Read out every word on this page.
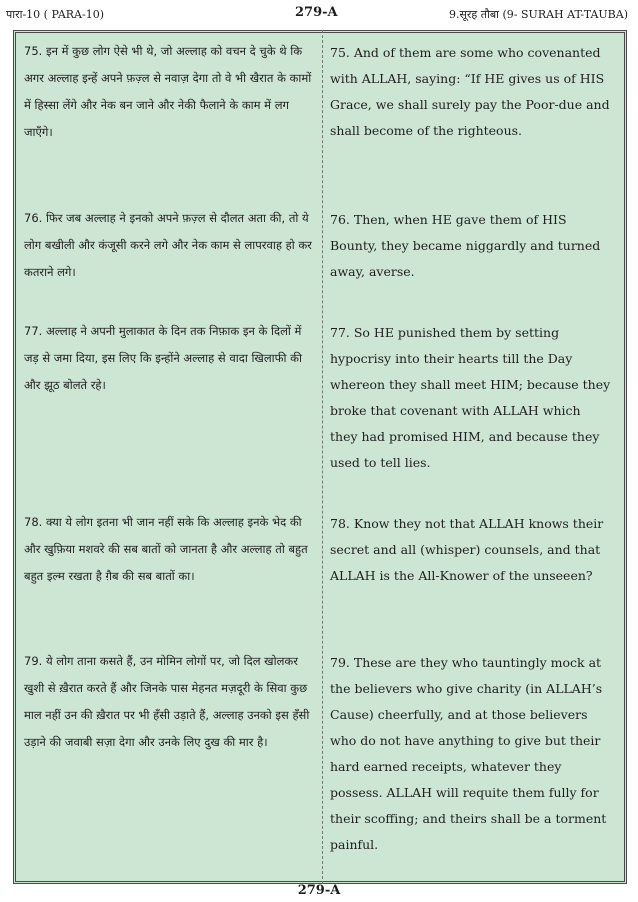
पारा-10 ( PARA-10)	279-A	9.सूरह तौबा (9- SURAH AT-TAUBA)
75. इन में कुछ लोग ऐसे भी थे, जो अल्लाह को वचन दे चुके थे कि अगर अल्लाह इन्हें अपने फ़ज़्ल से नवाज़ देगा तो वे भी खैरात के कामों में हिस्सा लेंगे और नेक बन जाने और नेकी फैलाने के काम में लग जाएँगे।
75. And of them are some who covenanted with ALLAH, saying: “If HE gives us of HIS Grace, we shall surely pay the Poor-due and shall become of the righteous.
76. फिर जब अल्लाह ने इनको अपने फ़ज़्ल से दौलत अता की, तो ये लोग बखीली और कंजूसी करने लगे और नेक काम से लापरवाह हो कर कतराने लगे।
76. Then, when HE gave them of HIS Bounty, they became niggardly and turned away, averse.
77. अल्लाह ने अपनी मुलाकात के दिन तक निफ़ाक इन के दिलों में जड़ से जमा दिया, इस लिए कि इन्होंने अल्लाह से वादा खिलाफी की और झूठ बोलते रहे।
77. So HE punished them by setting hypocrisy into their hearts till the Day whereon they shall meet HIM; because they broke that covenant with ALLAH which they had promised HIM, and because they used to tell lies.
78. क्या ये लोग इतना भी जान नहीं सके कि अल्लाह इनके भेद की और खुफ़िया मशवरे की सब बातों को जानता है और अल्लाह तो बहुत बहुत इल्म रखता है ग़ैब की सब बातों का।
78. Know they not that ALLAH knows their secret and all (whisper) counsels, and that ALLAH is the All-Knower of the unseeen?
79. ये लोग ताना कसते हैं, उन मोमिन लोगों पर, जो दिल खोलकर खुशी से ख़ैरात करते हैं और जिनके पास मेहनत मज़दूरी के सिवा कुछ माल नहीं उन की ख़ैरात पर भी हँसी उड़ाते हैं, अल्लाह उनको इस हँसी उड़ाने की जवाबी सज़ा देगा और उनके लिए दुख की मार है।
79. These are they who tauntingly mock at the believers who give charity (in ALLAH’s Cause) cheerfully, and at those believers who do not have anything to give but their hard earned receipts, whatever they possess. ALLAH will requite them fully for their scoffing; and theirs shall be a torment painful.
279-A
